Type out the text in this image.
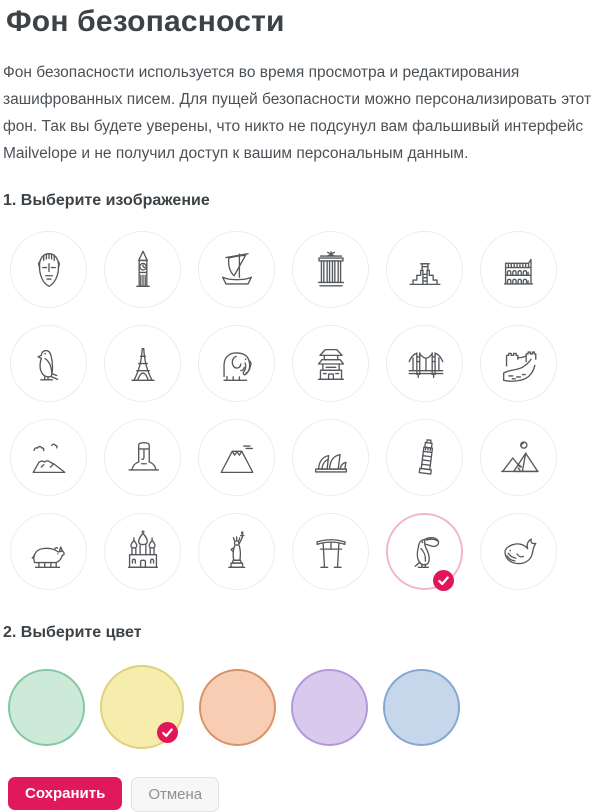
Фон безопасности

Фон безопасности используется во время просмотра и редактирования зашифрованных писем. Для пущей безопасности можно персонализировать этот фон. Так вы будете уверены, что никто не подсунул вам фальшивый интерфейс Mailvelope и не получил доступ к вашим персональным данным.

1. Выберите изображение
2. Выберите цвет
Сохранить	Отмена
